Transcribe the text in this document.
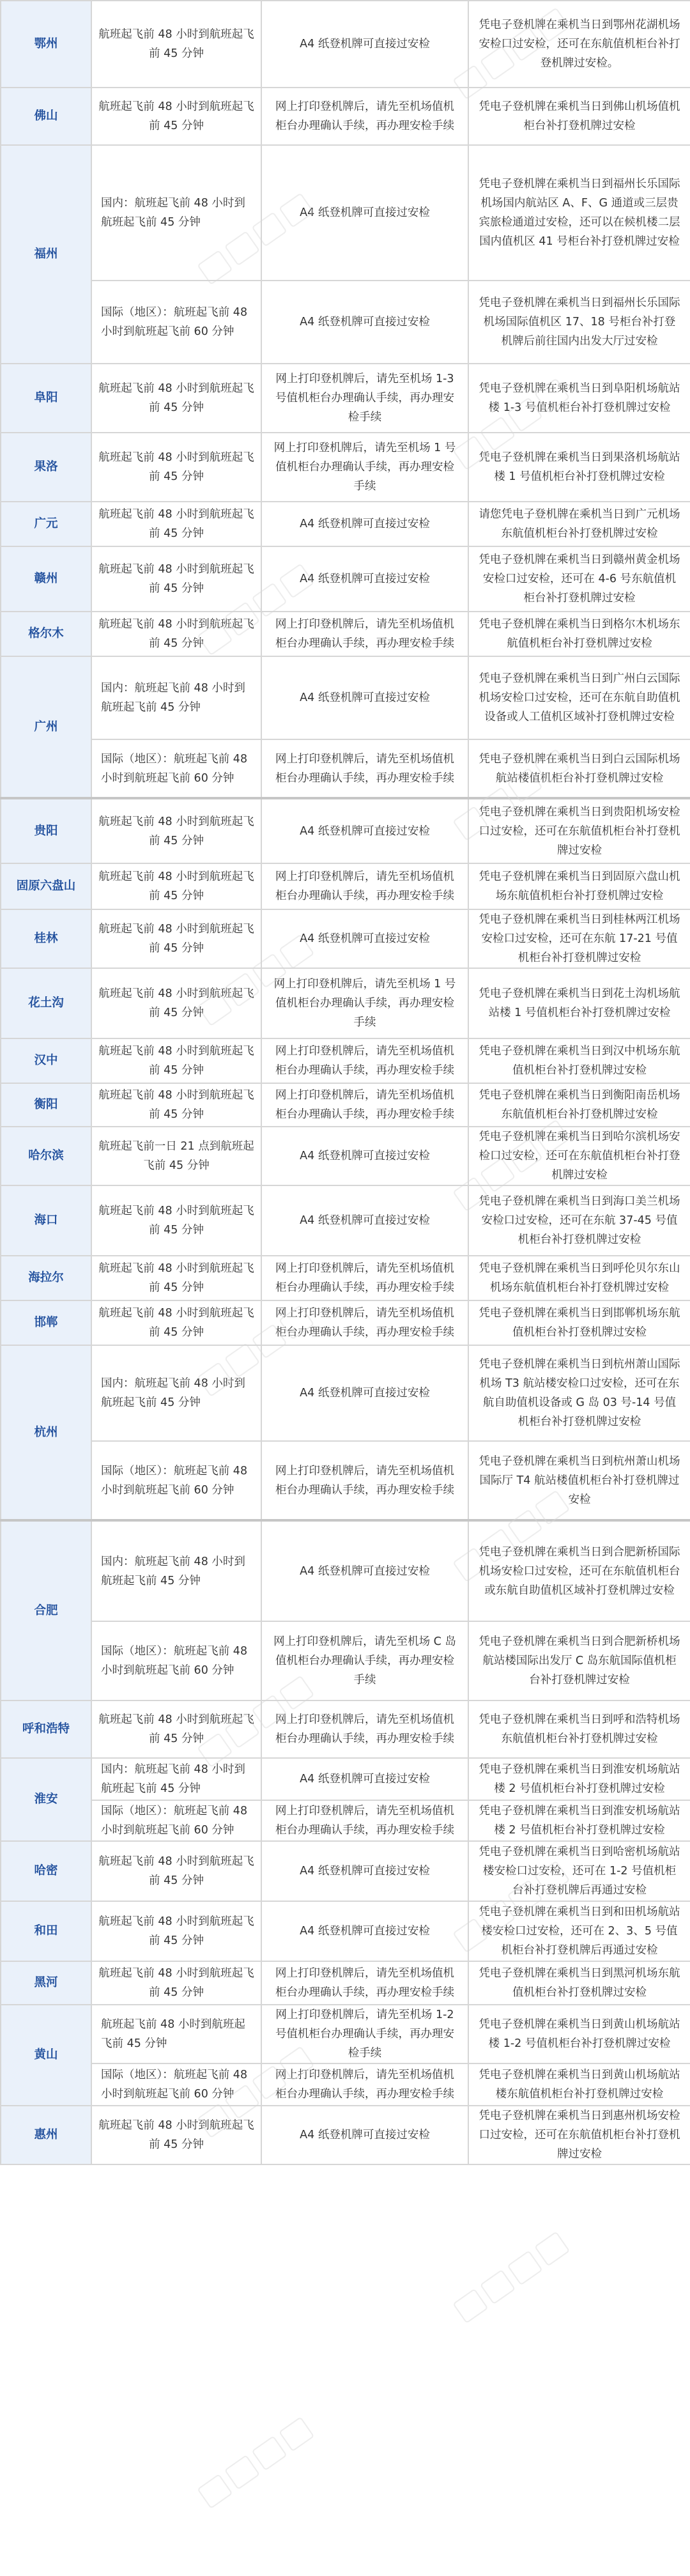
鄂州	航班起飞前 48 小时到航班起飞前 45 分钟	A4 纸登机牌可直接过安检	凭电子登机牌在乘机当日到鄂州花湖机场安检口过安检，还可在东航值机柜台补打登机牌过安检。
佛山	航班起飞前 48 小时到航班起飞前 45 分钟	网上打印登机牌后，请先至机场值机柜台办理确认手续，再办理安检手续	凭电子登机牌在乘机当日到佛山机场值机柜台补打登机牌过安检
福州	国内：航班起飞前 48 小时到航班起飞前 45 分钟	A4 纸登机牌可直接过安检	凭电子登机牌在乘机当日到福州长乐国际机场国内航站区 A、F、G 通道或三层贵宾旅检通道过安检，还可以在候机楼二层国内值机区 41 号柜台补打登机牌过安检
	国际（地区）：航班起飞前 48 小时到航班起飞前 60 分钟	A4 纸登机牌可直接过安检	凭电子登机牌在乘机当日到福州长乐国际机场国际值机区 17、18 号柜台补打登机牌后前往国内出发大厅过安检
阜阳	航班起飞前 48 小时到航班起飞前 45 分钟	网上打印登机牌后，请先至机场 1-3 号值机柜台办理确认手续，再办理安检手续	凭电子登机牌在乘机当日到阜阳机场航站楼 1-3 号值机柜台补打登机牌过安检
果洛	航班起飞前 48 小时到航班起飞前 45 分钟	网上打印登机牌后，请先至机场 1 号值机柜台办理确认手续，再办理安检手续	凭电子登机牌在乘机当日到果洛机场航站楼 1 号值机柜台补打登机牌过安检
广元	航班起飞前 48 小时到航班起飞前 45 分钟	A4 纸登机牌可直接过安检	请您凭电子登机牌在乘机当日到广元机场东航值机柜台补打登机牌过安检
赣州	航班起飞前 48 小时到航班起飞前 45 分钟	A4 纸登机牌可直接过安检	凭电子登机牌在乘机当日到赣州黄金机场安检口过安检，还可在 4-6 号东航值机柜台补打登机牌过安检
格尔木	航班起飞前 48 小时到航班起飞前 45 分钟	网上打印登机牌后，请先至机场值机柜台办理确认手续，再办理安检手续	凭电子登机牌在乘机当日到格尔木机场东航值机柜台补打登机牌过安检
广州	国内：航班起飞前 48 小时到航班起飞前 45 分钟	A4 纸登机牌可直接过安检	凭电子登机牌在乘机当日到广州白云国际机场安检口过安检，还可在东航自助值机设备或人工值机区域补打登机牌过安检
	国际（地区）：航班起飞前 48 小时到航班起飞前 60 分钟	网上打印登机牌后，请先至机场值机柜台办理确认手续，再办理安检手续	凭电子登机牌在乘机当日到白云国际机场航站楼值机柜台补打登机牌过安检
贵阳	航班起飞前 48 小时到航班起飞前 45 分钟	A4 纸登机牌可直接过安检	凭电子登机牌在乘机当日到贵阳机场安检口过安检，还可在东航值机柜台补打登机牌过安检
固原六盘山	航班起飞前 48 小时到航班起飞前 45 分钟	网上打印登机牌后，请先至机场值机柜台办理确认手续，再办理安检手续	凭电子登机牌在乘机当日到固原六盘山机场东航值机柜台补打登机牌过安检
桂林	航班起飞前 48 小时到航班起飞前 45 分钟	A4 纸登机牌可直接过安检	凭电子登机牌在乘机当日到桂林两江机场安检口过安检，还可在东航 17-21 号值机柜台补打登机牌过安检
花土沟	航班起飞前 48 小时到航班起飞前 45 分钟	网上打印登机牌后，请先至机场 1 号值机柜台办理确认手续，再办理安检手续	凭电子登机牌在乘机当日到花土沟机场航站楼 1 号值机柜台补打登机牌过安检
汉中	航班起飞前 48 小时到航班起飞前 45 分钟	网上打印登机牌后，请先至机场值机柜台办理确认手续，再办理安检手续	凭电子登机牌在乘机当日到汉中机场东航值机柜台补打登机牌过安检
衡阳	航班起飞前 48 小时到航班起飞前 45 分钟	网上打印登机牌后，请先至机场值机柜台办理确认手续，再办理安检手续	凭电子登机牌在乘机当日到衡阳南岳机场东航值机柜台补打登机牌过安检
哈尔滨	航班起飞前一日 21 点到航班起飞前 45 分钟	A4 纸登机牌可直接过安检	凭电子登机牌在乘机当日到哈尔滨机场安检口过安检，还可在东航值机柜台补打登机牌过安检
海口	航班起飞前 48 小时到航班起飞前 45 分钟	A4 纸登机牌可直接过安检	凭电子登机牌在乘机当日到海口美兰机场安检口过安检，还可在东航 37-45 号值机柜台补打登机牌过安检
海拉尔	航班起飞前 48 小时到航班起飞前 45 分钟	网上打印登机牌后，请先至机场值机柜台办理确认手续，再办理安检手续	凭电子登机牌在乘机当日到呼伦贝尔东山机场东航值机柜台补打登机牌过安检
邯郸	航班起飞前 48 小时到航班起飞前 45 分钟	网上打印登机牌后，请先至机场值机柜台办理确认手续，再办理安检手续	凭电子登机牌在乘机当日到邯郸机场东航值机柜台补打登机牌过安检
杭州	国内：航班起飞前 48 小时到航班起飞前 45 分钟	A4 纸登机牌可直接过安检	凭电子登机牌在乘机当日到杭州萧山国际机场 T3 航站楼安检口过安检，还可在东航自助值机设备或 G 岛 03 号-14 号值机柜台补打登机牌过安检
	国际（地区）：航班起飞前 48 小时到航班起飞前 60 分钟	网上打印登机牌后，请先至机场值机柜台办理确认手续，再办理安检手续	凭电子登机牌在乘机当日到杭州萧山机场国际厅 T4 航站楼值机柜台补打登机牌过安检
合肥	国内：航班起飞前 48 小时到航班起飞前 45 分钟	A4 纸登机牌可直接过安检	凭电子登机牌在乘机当日到合肥新桥国际机场安检口过安检，还可在东航值机柜台或东航自助值机区域补打登机牌过安检
	国际（地区）：航班起飞前 48 小时到航班起飞前 60 分钟	网上打印登机牌后，请先至机场 C 岛值机柜台办理确认手续，再办理安检手续	凭电子登机牌在乘机当日到合肥新桥机场航站楼国际出发厅 C 岛东航国际值机柜台补打登机牌过安检
呼和浩特	航班起飞前 48 小时到航班起飞前 45 分钟	网上打印登机牌后，请先至机场值机柜台办理确认手续，再办理安检手续	凭电子登机牌在乘机当日到呼和浩特机场东航值机柜台补打登机牌过安检
淮安	国内：航班起飞前 48 小时到航班起飞前 45 分钟	A4 纸登机牌可直接过安检	凭电子登机牌在乘机当日到淮安机场航站楼 2 号值机柜台补打登机牌过安检
	国际（地区）：航班起飞前 48 小时到航班起飞前 60 分钟	网上打印登机牌后，请先至机场值机柜台办理确认手续，再办理安检手续	凭电子登机牌在乘机当日到淮安机场航站楼 2 号值机柜台补打登机牌过安检
哈密	航班起飞前 48 小时到航班起飞前 45 分钟	A4 纸登机牌可直接过安检	凭电子登机牌在乘机当日到哈密机场航站楼安检口过安检，还可在 1-2 号值机柜台补打登机牌后再通过安检
和田	航班起飞前 48 小时到航班起飞前 45 分钟	A4 纸登机牌可直接过安检	凭电子登机牌在乘机当日到和田机场航站楼安检口过安检，还可在 2、3、5 号值机柜台补打登机牌后再通过安检
黑河	航班起飞前 48 小时到航班起飞前 45 分钟	网上打印登机牌后，请先至机场值机柜台办理确认手续，再办理安检手续	凭电子登机牌在乘机当日到黑河机场东航值机柜台补打登机牌过安检
黄山	航班起飞前 48 小时到航班起飞前 45 分钟	网上打印登机牌后，请先至机场 1-2 号值机柜台办理确认手续，再办理安检手续	凭电子登机牌在乘机当日到黄山机场航站楼 1-2 号值机柜台补打登机牌过安检
	国际（地区）：航班起飞前 48 小时到航班起飞前 60 分钟	网上打印登机牌后，请先至机场值机柜台办理确认手续，再办理安检手续	凭电子登机牌在乘机当日到黄山机场航站楼东航值机柜台补打登机牌过安检
惠州	航班起飞前 48 小时到航班起飞前 45 分钟	A4 纸登机牌可直接过安检	凭电子登机牌在乘机当日到惠州机场安检口过安检，还可在东航值机柜台补打登机牌过安检
